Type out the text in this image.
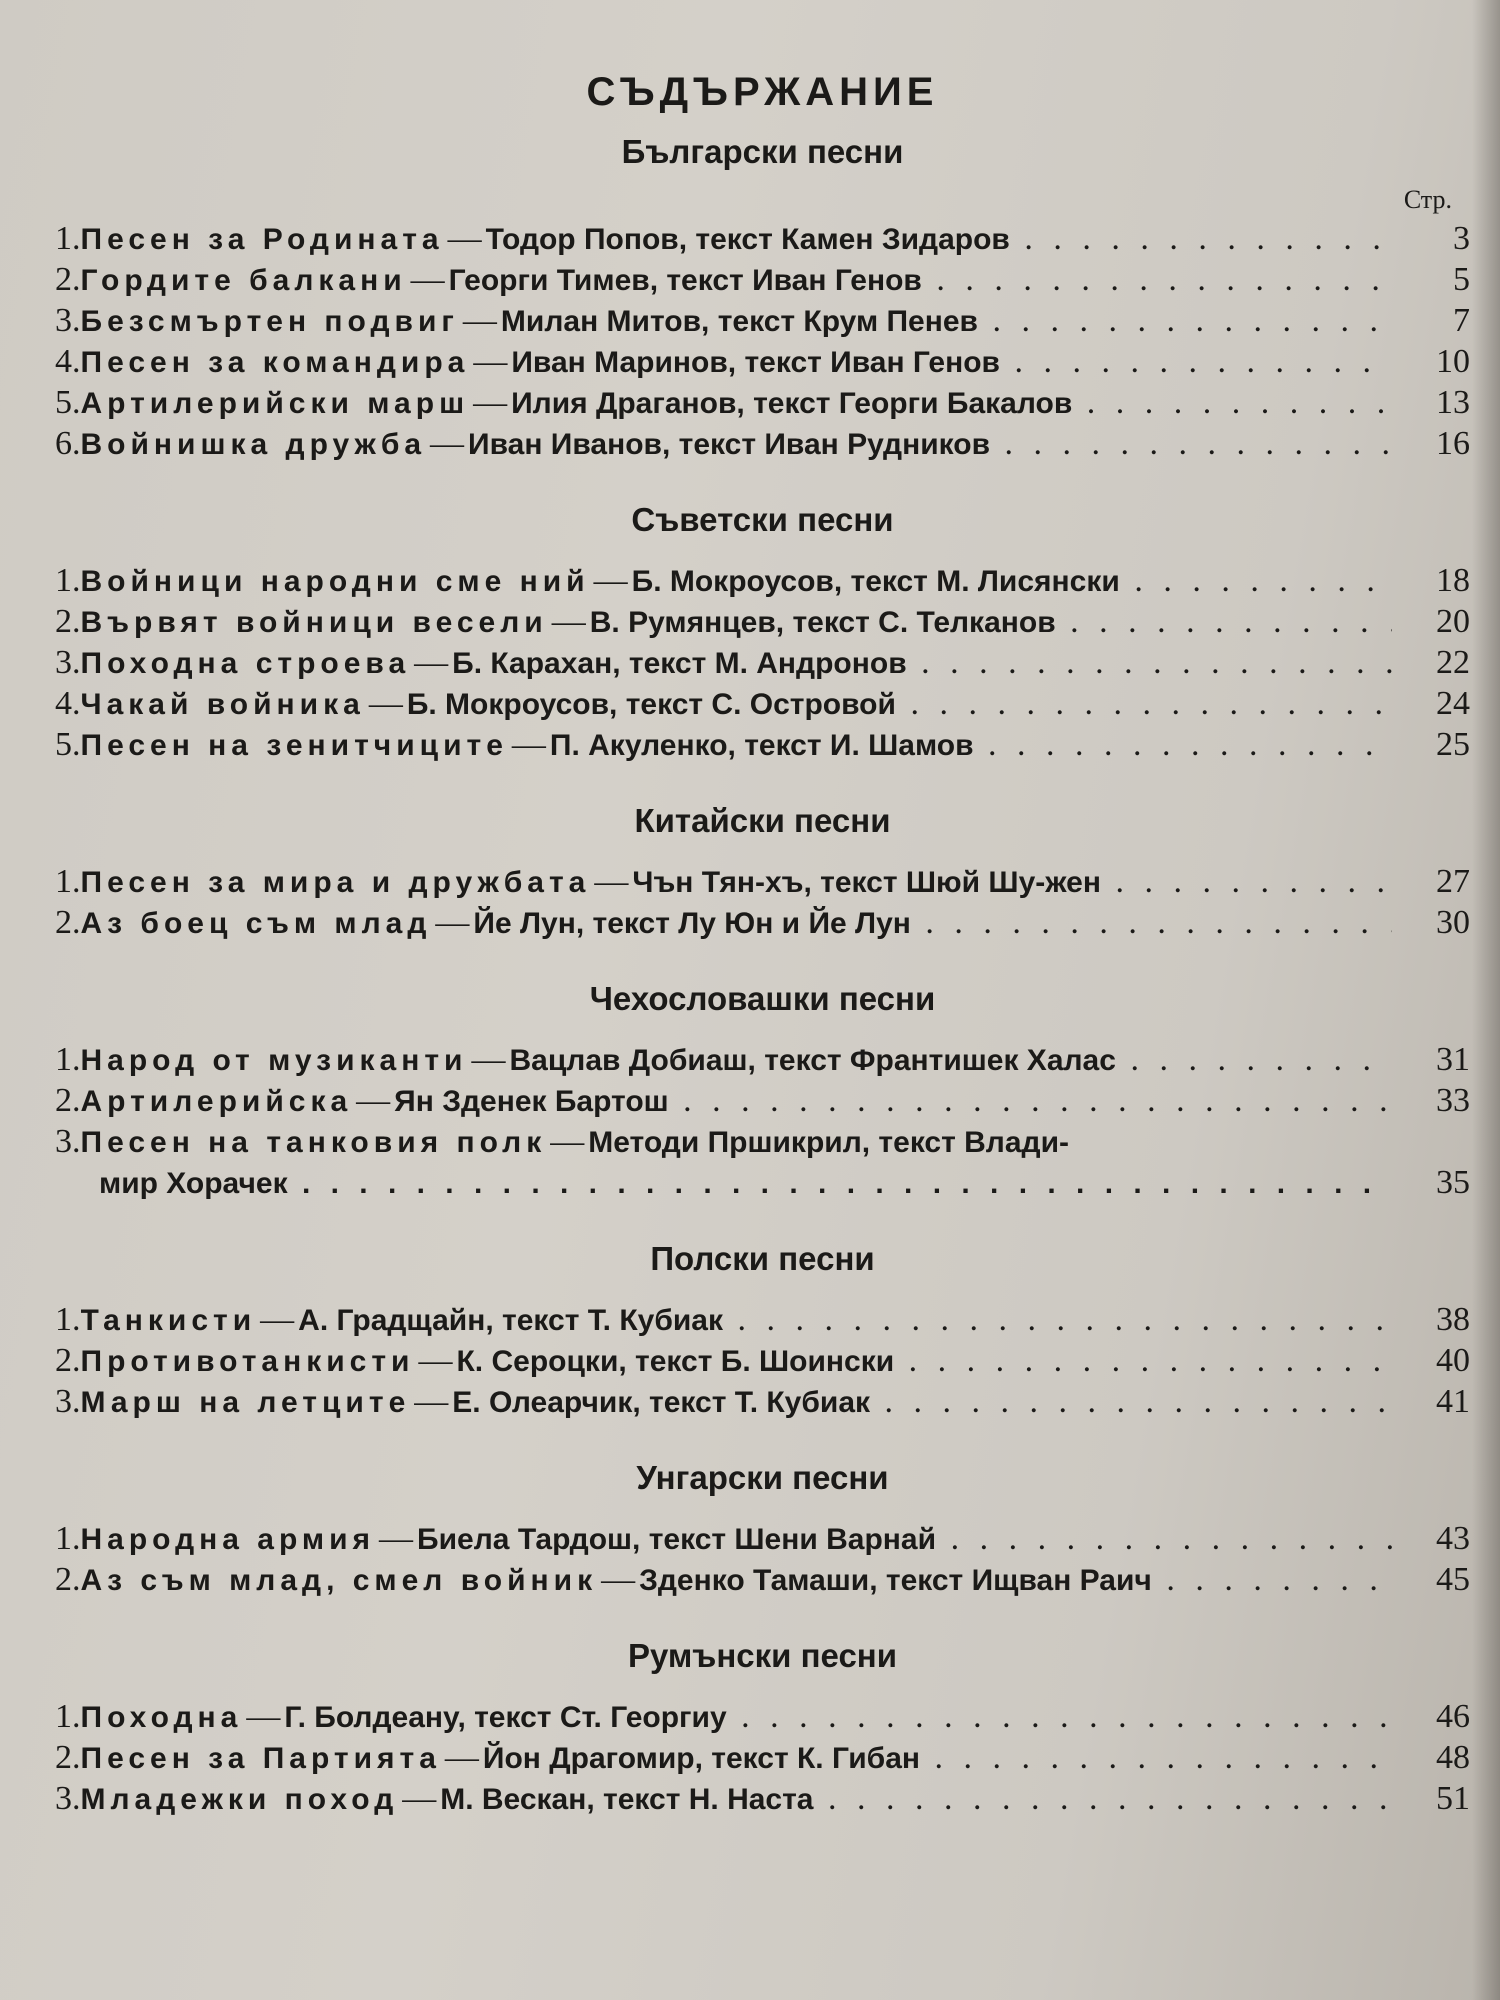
СЪДЪРЖАНИЕ
Български песни
Стр.
1. Песен за Родината — Тодор Попов, текст Камен Зидаров . . .	3
2. Гордите балкани — Георги Тимев, текст Иван Генов . . .	5
3. Безсмъртен подвиг — Милан Митов, текст Крум Пенев . . .	7
4. Песен за командира — Иван Маринов, текст Иван Генов . . .	10
5. Артилерийски марш — Илия Драганов, текст Георги Бакалов . . .	13
6. Войнишка дружба — Иван Иванов, текст Иван Рудников . . .	16
Съветски песни
1. Войници народни сме ний — Б. Мокроусов, текст М. Лисянски . . .	18
2. Вървят войници весели — В. Румянцев, текст С. Телканов . . .	20
3. Походна строева — Б. Карахан, текст М. Андронов . . .	22
4. Чакай войника — Б. Мокроусов, текст С. Островой . . .	24
5. Песен на зенитчиците — П. Акуленко, текст И. Шамов . . .	25
Китайски песни
1. Песен за мира и дружбата — Чън Тян-хъ, текст Шюй Шу-жен . . .	27
2. Аз боец съм млад — Йе Лун, текст Лу Юн и Йе Лун . . .	30
Чехословашки песни
1. Народ от музиканти — Вацлав Добиаш, текст Франтишек Халас . . .	31
2. Артилерийска — Ян Зденек Бартош . . .	33
3. Песен на танковия полк — Методи Пршикрил, текст Влади-
мир Хорачек . . .	35
Полски песни
1. Танкисти — А. Градщайн, текст Т. Кубиак . . .	38
2. Противотанкисти — К. Сероцки, текст Б. Шоински . . .	40
3. Марш на летците — Е. Олеарчик, текст Т. Кубиак . . .	41
Унгарски песни
1. Народна армия — Биела Тардош, текст Шени Варнай . . .	43
2. Аз съм млад, смел войник — Зденко Тамаши, текст Ищван Раич . . .	45
Румънски песни
1. Походна — Г. Болдеану, текст Ст. Георгиу . . .	46
2. Песен за Партията — Йон Драгомир, текст К. Гибан . . .	48
3. Младежки поход — М. Вескан, текст Н. Наста . . .	51
